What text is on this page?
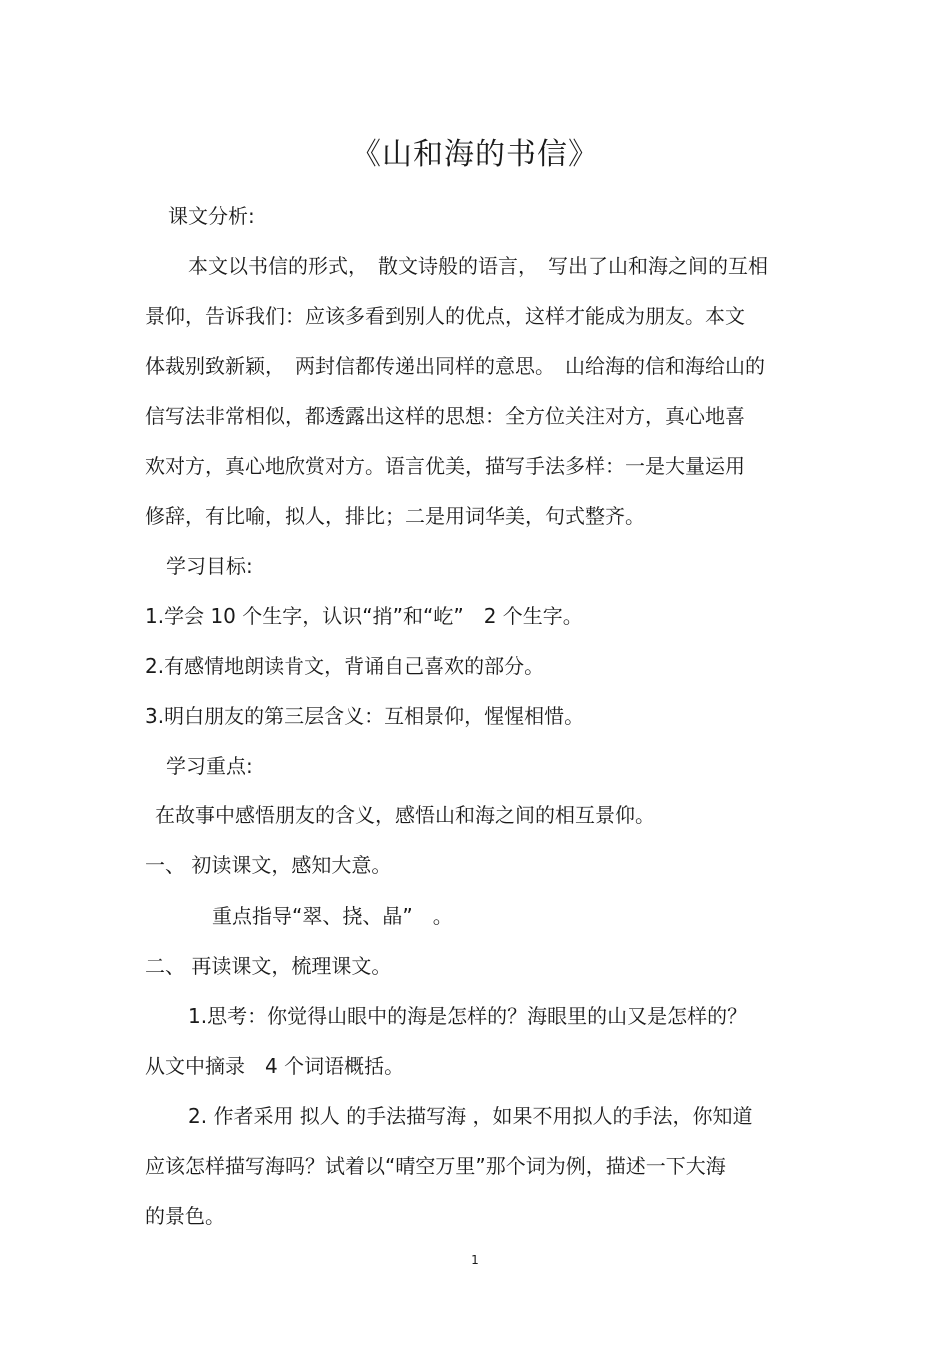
《山和海的书信》
课文分析:
本文以书信的形式，　散文诗般的语言，　写出了山和海之间的互相
景仰，告诉我们：应该多看到别人的优点，这样才能成为朋友。本文
体裁别致新颖，　两封信都传递出同样的意思。　山给海的信和海给山的
信写法非常相似，都透露出这样的思想：全方位关注对方，真心地喜
欢对方，真心地欣赏对方。语言优美，描写手法多样：一是大量运用
修辞，有比喻，拟人，排比；二是用词华美，句式整齐。
学习目标:
1.学会 10 个生字，认识“捎”和“屹”　2 个生字。
2.有感情地朗读肯文，背诵自己喜欢的部分。
3.明白朋友的第三层含义：互相景仰，惺惺相惜。
学习重点:
在故事中感悟朋友的含义，感悟山和海之间的相互景仰。
一、 初读课文，感知大意。
重点指导“翠、挠、晶”　。
二、 再读课文，梳理课文。
1.思考：你觉得山眼中的海是怎样的？海眼里的山又是怎样的？
从文中摘录　4 个词语概括。
2. 作者采用 拟人 的手法描写海 ，如果不用拟人的手法，你知道
应该怎样描写海吗？试着以“晴空万里”那个词为例，描述一下大海
的景色。
1
